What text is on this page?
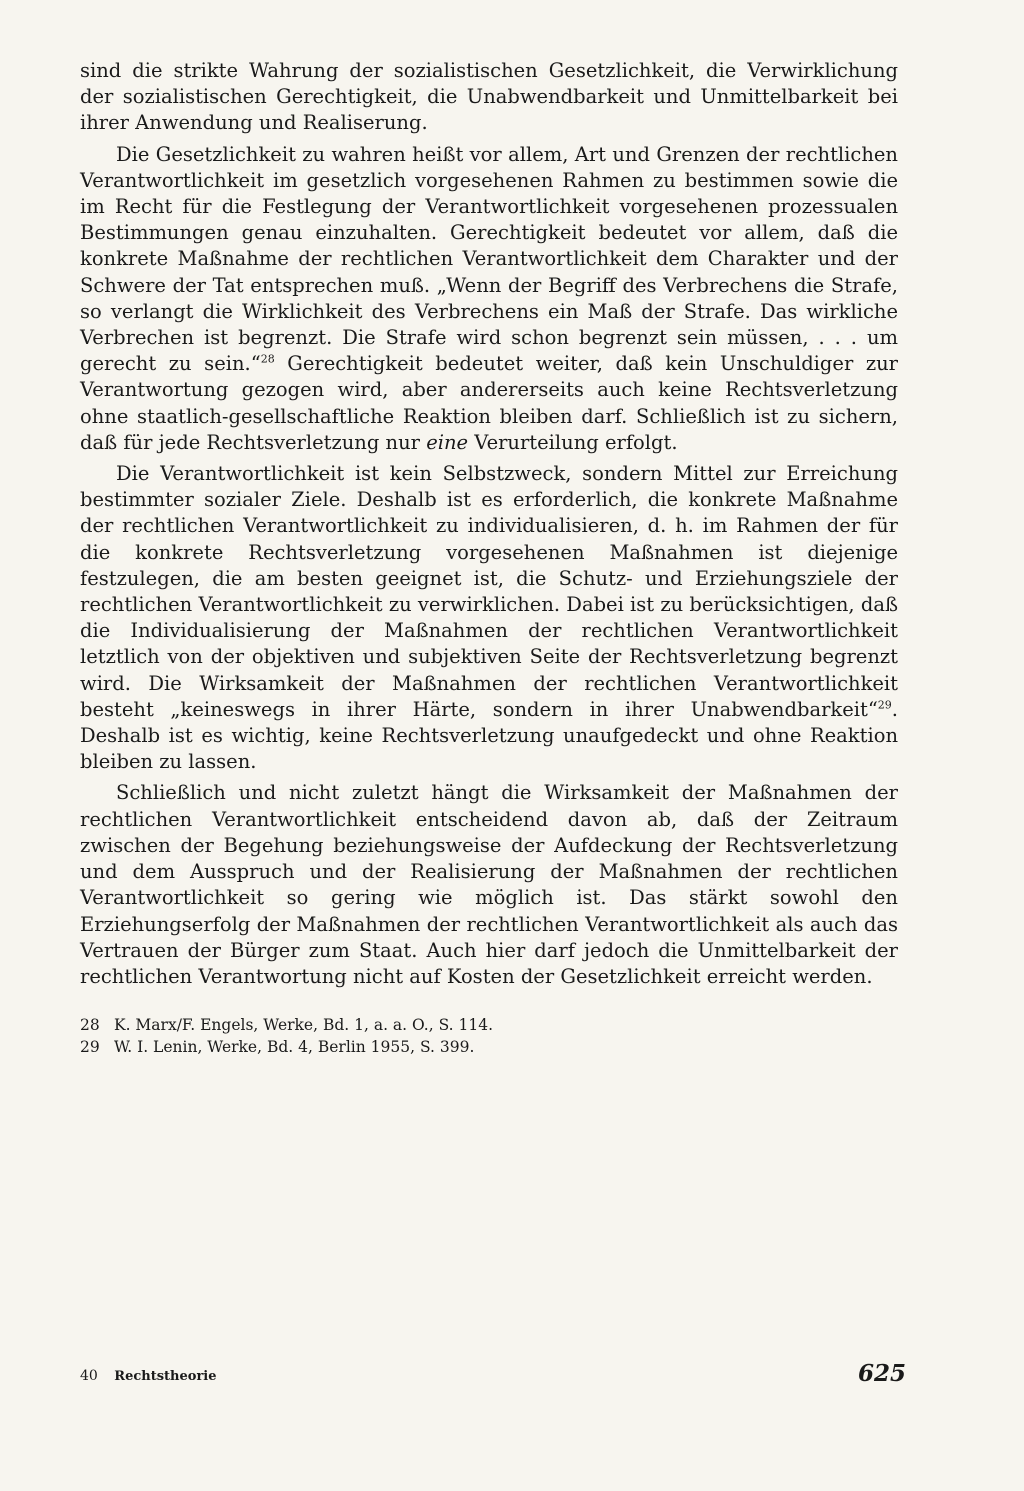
sind die strikte Wahrung der sozialistischen Gesetzlichkeit, die Verwirklichung der sozialistischen Gerechtigkeit, die Unabwendbarkeit und Unmittelbarkeit bei ihrer Anwendung und Realiserung.

Die Gesetzlichkeit zu wahren heißt vor allem, Art und Grenzen der rechtlichen Verantwortlichkeit im gesetzlich vorgesehenen Rahmen zu bestimmen sowie die im Recht für die Festlegung der Verantwortlichkeit vorgesehenen prozessualen Bestimmungen genau einzuhalten. Gerechtigkeit bedeutet vor allem, daß die konkrete Maßnahme der rechtlichen Verantwortlichkeit dem Charakter und der Schwere der Tat entsprechen muß. „Wenn der Begriff des Verbrechens die Strafe, so verlangt die Wirklichkeit des Verbrechens ein Maß der Strafe. Das wirkliche Verbrechen ist begrenzt. Die Strafe wird schon begrenzt sein müssen, . . . um gerecht zu sein.“$^{28}$ Gerechtigkeit bedeutet weiter, daß kein Unschuldiger zur Verantwortung gezogen wird, aber andererseits auch keine Rechtsverletzung ohne staatlich-gesellschaftliche Reaktion bleiben darf. Schließlich ist zu sichern, daß für jede Rechtsverletzung nur eine Verurteilung erfolgt.

Die Verantwortlichkeit ist kein Selbstzweck, sondern Mittel zur Erreichung bestimmter sozialer Ziele. Deshalb ist es erforderlich, die konkrete Maßnahme der rechtlichen Verantwortlichkeit zu individualisieren, d. h. im Rahmen der für die konkrete Rechtsverletzung vorgesehenen Maßnahmen ist diejenige festzulegen, die am besten geeignet ist, die Schutz- und Erziehungsziele der rechtlichen Verantwortlichkeit zu verwirklichen. Dabei ist zu berücksichtigen, daß die Individualisierung der Maßnahmen der rechtlichen Verantwortlichkeit letztlich von der objektiven und subjektiven Seite der Rechtsverletzung begrenzt wird. Die Wirksamkeit der Maßnahmen der rechtlichen Verantwortlichkeit besteht „keineswegs in ihrer Härte, sondern in ihrer Unabwendbarkeit“$^{29}$. Deshalb ist es wichtig, keine Rechtsverletzung unaufgedeckt und ohne Reaktion bleiben zu lassen.

Schließlich und nicht zuletzt hängt die Wirksamkeit der Maßnahmen der rechtlichen Verantwortlichkeit entscheidend davon ab, daß der Zeitraum zwischen der Begehung beziehungsweise der Aufdeckung der Rechtsverletzung und dem Ausspruch und der Realisierung der Maßnahmen der rechtlichen Verantwortlichkeit so gering wie möglich ist. Das stärkt sowohl den Erziehungserfolg der Maßnahmen der rechtlichen Verantwortlichkeit als auch das Vertrauen der Bürger zum Staat. Auch hier darf jedoch die Unmittelbarkeit der rechtlichen Verantwortung nicht auf Kosten der Gesetzlichkeit erreicht werden.

28 K. Marx/F. Engels, Werke, Bd. 1, a. a. O., S. 114.
29 W. I. Lenin, Werke, Bd. 4, Berlin 1955, S. 399.
40 Rechtstheorie	625
